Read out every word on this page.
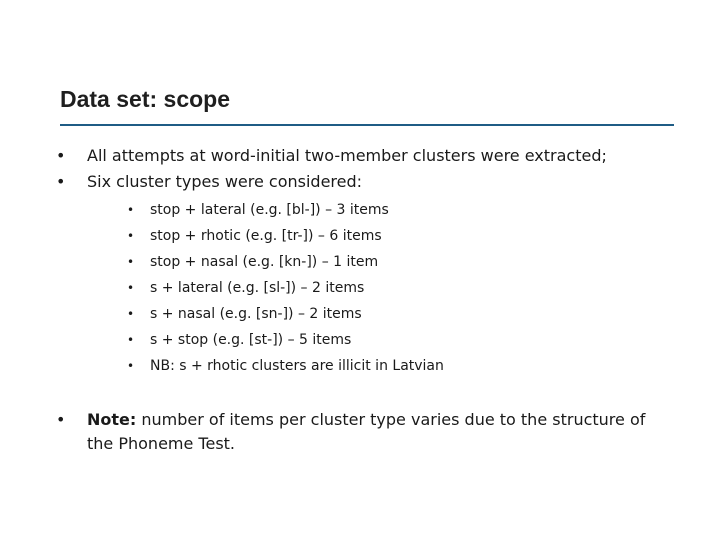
Data set: scope
•	All attempts at word-initial two-member clusters were extracted;
•	Six cluster types were considered:
•	stop + lateral (e.g. [bl-]) – 3 items
•	stop + rhotic (e.g. [tr-]) – 6 items
•	stop + nasal (e.g. [kn-]) – 1 item
•	s + lateral (e.g. [sl-]) – 2 items
•	s + nasal (e.g. [sn-]) – 2 items
•	s + stop (e.g. [st-]) – 5 items
•	NB: s + rhotic clusters are illicit in Latvian
•	Note: number of items per cluster type varies due to the structure of the Phoneme Test.
